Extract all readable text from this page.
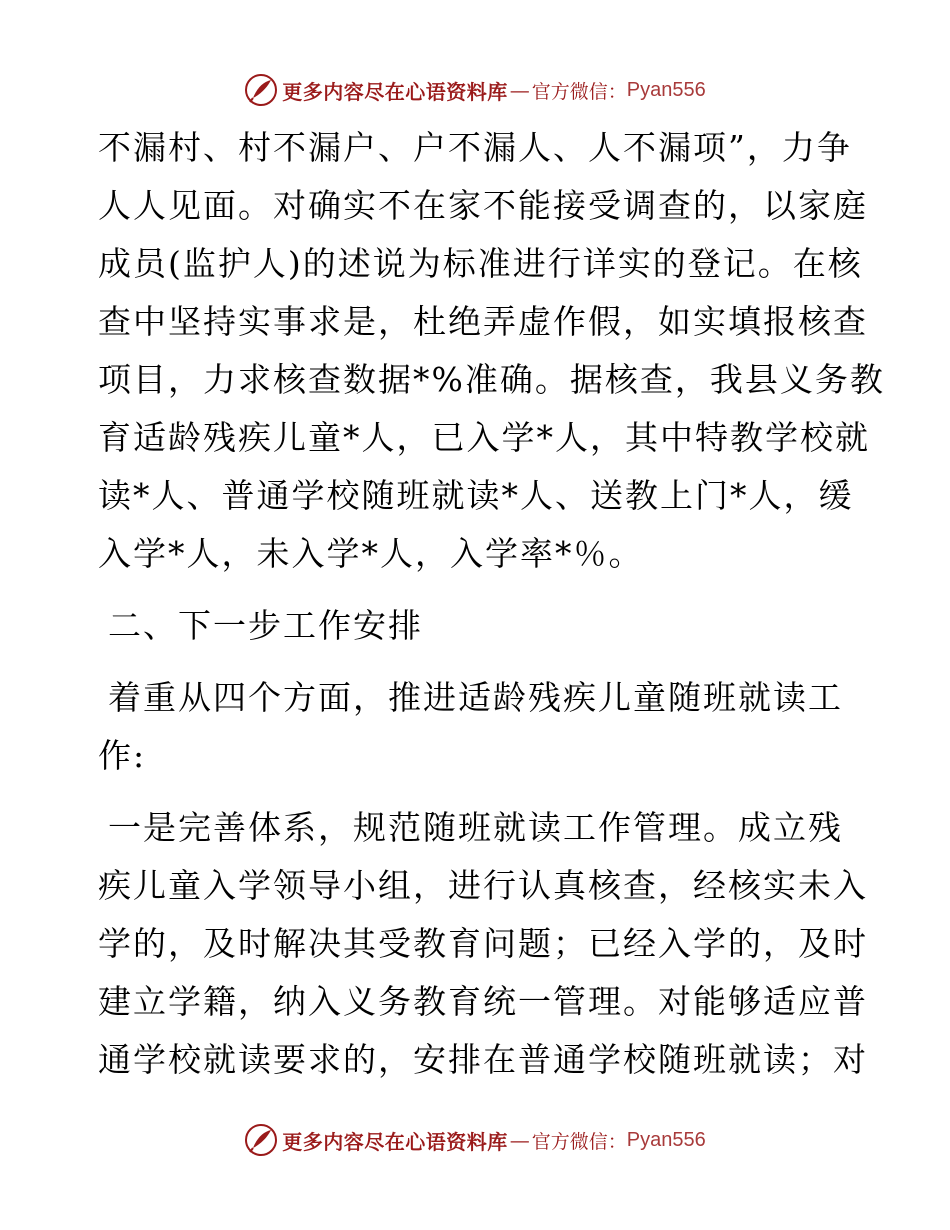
更多内容尽在心语资料库 — 官方微信： Pyan556
不漏村、村不漏户、户不漏人、人不漏项”，力争
人人见面。对确实不在家不能接受调查的，以家庭
成员(监护人)的述说为标准进行详实的登记。在核
查中坚持实事求是，杜绝弄虚作假，如实填报核查
项目，力求核查数据*%准确。据核查，我县义务教
育适龄残疾儿童*人，已入学*人，其中特教学校就
读*人、普通学校随班就读*人、送教上门*人，缓
入学*人，未入学*人，入学率*％。
二、下一步工作安排
着重从四个方面，推进适龄残疾儿童随班就读工
作:
一是完善体系，规范随班就读工作管理。成立残
疾儿童入学领导小组，进行认真核查，经核实未入
学的，及时解决其受教育问题；已经入学的，及时
建立学籍，纳入义务教育统一管理。对能够适应普
通学校就读要求的，安排在普通学校随班就读；对
更多内容尽在心语资料库 — 官方微信： Pyan556
